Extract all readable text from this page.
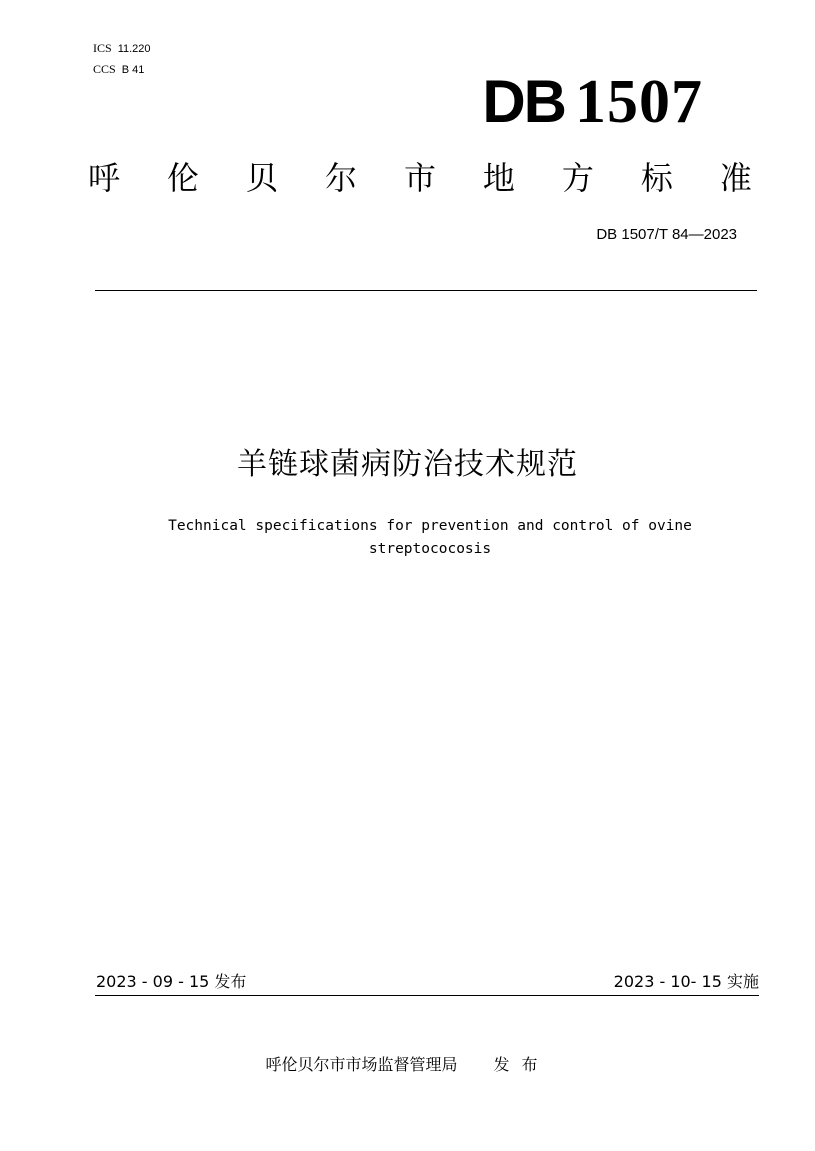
ICS 11.220
CCS B 41	DB 1507
呼 伦 贝 尔 市 地 方 标 准
DB 1507/T 84—2023
羊链球菌病防治技术规范
Technical specifications for prevention and control of ovine
streptococosis
2023 - 09 - 15 发布	2023 - 10- 15 实施
呼伦贝尔市市场监督管理局 发布
